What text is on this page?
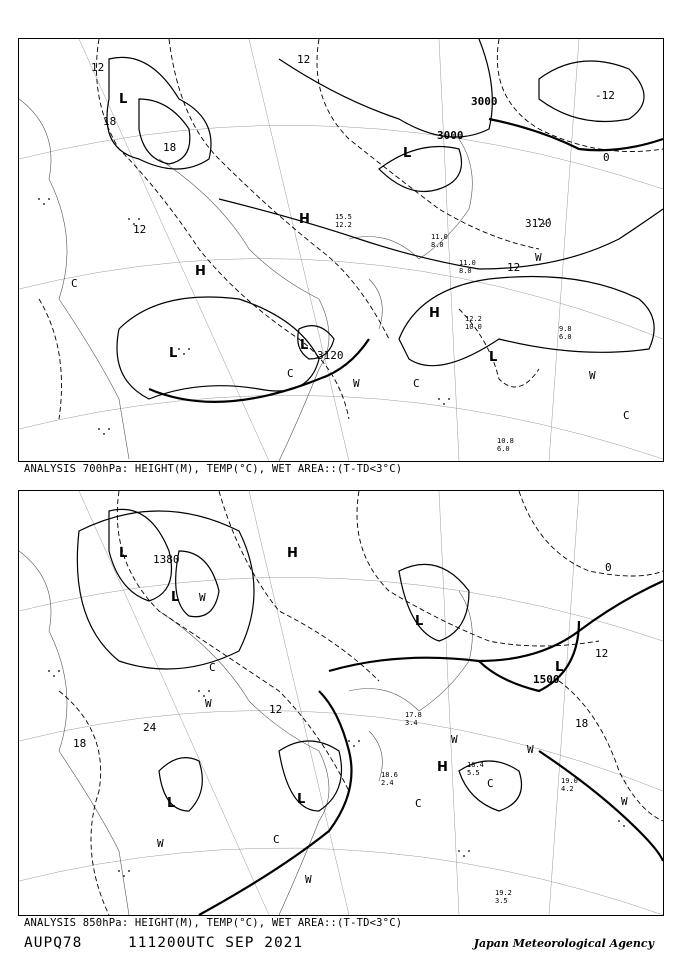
3000
3000
3120
3120
12
18
18
12
12
0
-12
12
L
L
L
L
H
H
H
L
C
C
W	C
W
C
W
12.2
10.0	9.8
6.0
10.8
6.0
11.0
8.0
11.0
8.0
15.5
12.2
ANALYSIS 700hPa: HEIGHT(M), TEMP(°C), WET AREA::(T-TD<3°C)
1380
1500
12
18
24	18
0
12
L
L
H
L
L
L	L
H
W
C
W
W
W
C
C
W
W
W
C	19.0
4.2
19.2
3.5
18.6
2.4
17.8
3.4
18.4
5.5
ANALYSIS 850hPa: HEIGHT(M), TEMP(°C), WET AREA::(T-TD<3°C)
AUPQ78	111200UTC SEP 2021	Japan Meteorological Agency
